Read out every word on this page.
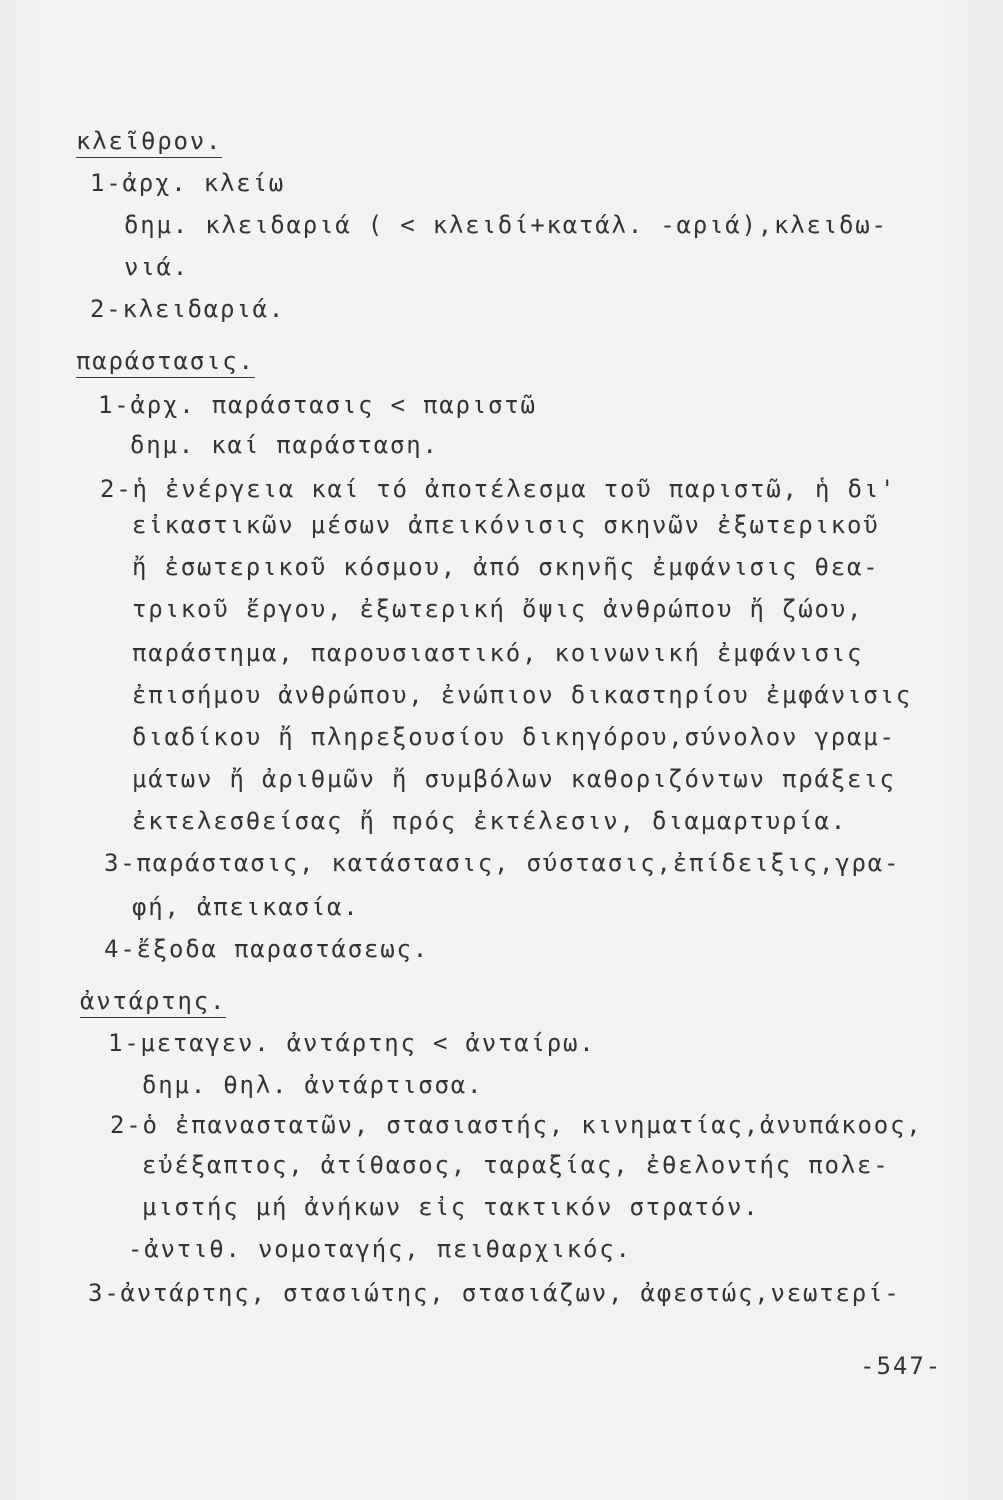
κλεῖθρον.
1-ἀρχ. κλείω
δημ. κλειδαριά ( < κλειδί+κατάλ. -αριά),κλειδω-
νιά.
2-κλειδαριά.
παράστασις.
1-ἀρχ. παράστασις < παριστῶ
δημ. καί παράσταση.
2-ἡ ἐνέργεια καί τό ἀποτέλεσμα τοῦ παριστῶ, ἡ δι'
εἰκαστικῶν μέσων ἀπεικόνισις σκηνῶν ἐξωτερικοῦ
ἤ ἐσωτερικοῦ κόσμου, ἀπό σκηνῆς ἐμφάνισις θεα-
τρικοῦ ἔργου, ἐξωτερική ὄψις ἀνθρώπου ἤ ζώου,
παράστημα, παρουσιαστικό, κοινωνική ἐμφάνισις
ἐπισήμου ἀνθρώπου, ἐνώπιον δικαστηρίου ἐμφάνισις
διαδίκου ἤ πληρεξουσίου δικηγόρου,σύνολον γραμ-
μάτων ἤ ἀριθμῶν ἤ συμβόλων καθοριζόντων πράξεις
ἐκτελεσθείσας ἤ πρός ἐκτέλεσιν, διαμαρτυρία.
3-παράστασις, κατάστασις, σύστασις,ἐπίδειξις,γρα-
φή, ἀπεικασία.
4-ἔξοδα παραστάσεως.
ἀντάρτης.
1-μεταγεν. ἀντάρτης < ἀνταίρω.
δημ. θηλ. ἀντάρτισσα.
2-ὁ ἐπαναστατῶν, στασιαστής, κινηματίας,ἀνυπάκοος,
εὐέξαπτος, ἀτίθασος, ταραξίας, ἐθελοντής πολε-
μιστής μή ἀνήκων εἰς τακτικόν στρατόν.
-ἀντιθ. νομοταγής, πειθαρχικός.
3-ἀντάρτης, στασιώτης, στασιάζων, ἀφεστώς,νεωτερί-
-547-
